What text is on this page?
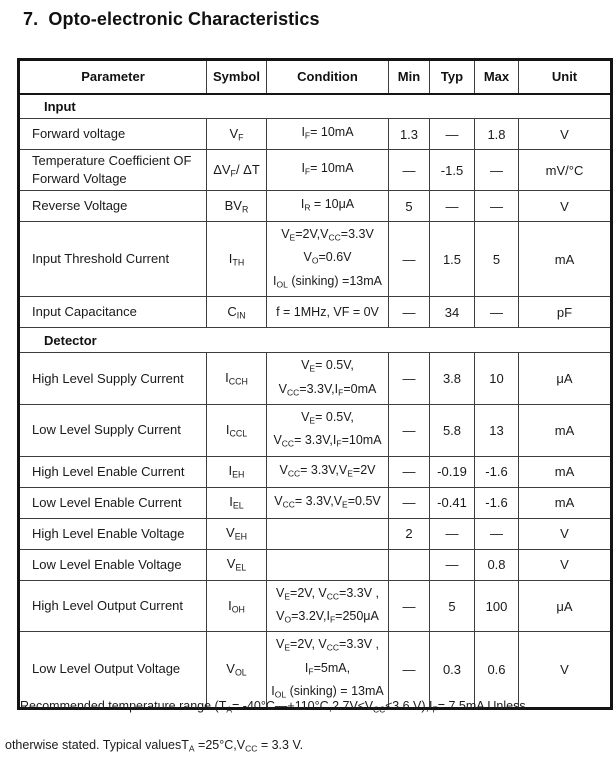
7.  Opto-electronic Characteristics
Parameter	Symbol	Condition	Min	Typ	Max	Unit
Input						
Forward voltage	$V_F$	$I_F= 10mA$	1.3	—	1.8	V
Temperature Coefficient OF Forward Voltage	$\Delta V_F/$ ΔT	$I_F= 10mA$	—	-1.5	—	mV/°C
Reverse Voltage	$BV_R$	$I_R = 10\mu A$	5	—	—	V
Input Threshold Current	$I_{TH}$	$V_E=2V,V_{CC}=3.3V$
$V_O=0.6V$
$I_{OL}$ (sinking) =13mA	—	1.5	5	mA
Input Capacitance	$C_{IN}$	f = 1MHz, VF = 0V	—	34	—	pF
Detector						
High Level Supply Current	$I_{CCH}$	$V_E= 0.5V$,
$V_{CC}=3.3V,I_F=0mA$	—	3.8	10	μA
Low Level Supply Current	$I_{CCL}$	$V_E= 0.5V$,
$V_{CC}= 3.3V,I_F=10mA$	—	5.8	13	mA
High Level Enable Current	$I_{EH}$	$V_{CC}= 3.3V,V_E=2V$	—	-0.19	-1.6	mA
Low Level Enable Current	$I_{EL}$	$V_{CC}= 3.3V,V_E=0.5V$	—	-0.41	-1.6	mA
High Level Enable Voltage	$V_{EH}$		2	—	—	V
Low Level Enable Voltage	$V_{EL}$			—	0.8	V
High Level Output Current	$I_{OH}$	$V_E=2V$, $V_{CC}=3.3V$ ,
$V_O=3.2V,I_F=250\mu A$	—	5	100	μA
Low Level Output Voltage	$V_{OL}$	$V_E=2V$, $V_{CC}=3.3V$ ,
$I_F=5mA$,
$I_{OL}$ (sinking) = 13mA	—	0.3	0.6	V
Recommended temperature range ($T_A=$ $-40^\circ C—+110^\circ C,2.7V\le V_{CC}\le 3.6$ $V),I_F= 7.5mA$ Unless
otherwise stated. Typical valuesT$_A$ $=25^\circ C,V_{CC} = 3.3$ V.
